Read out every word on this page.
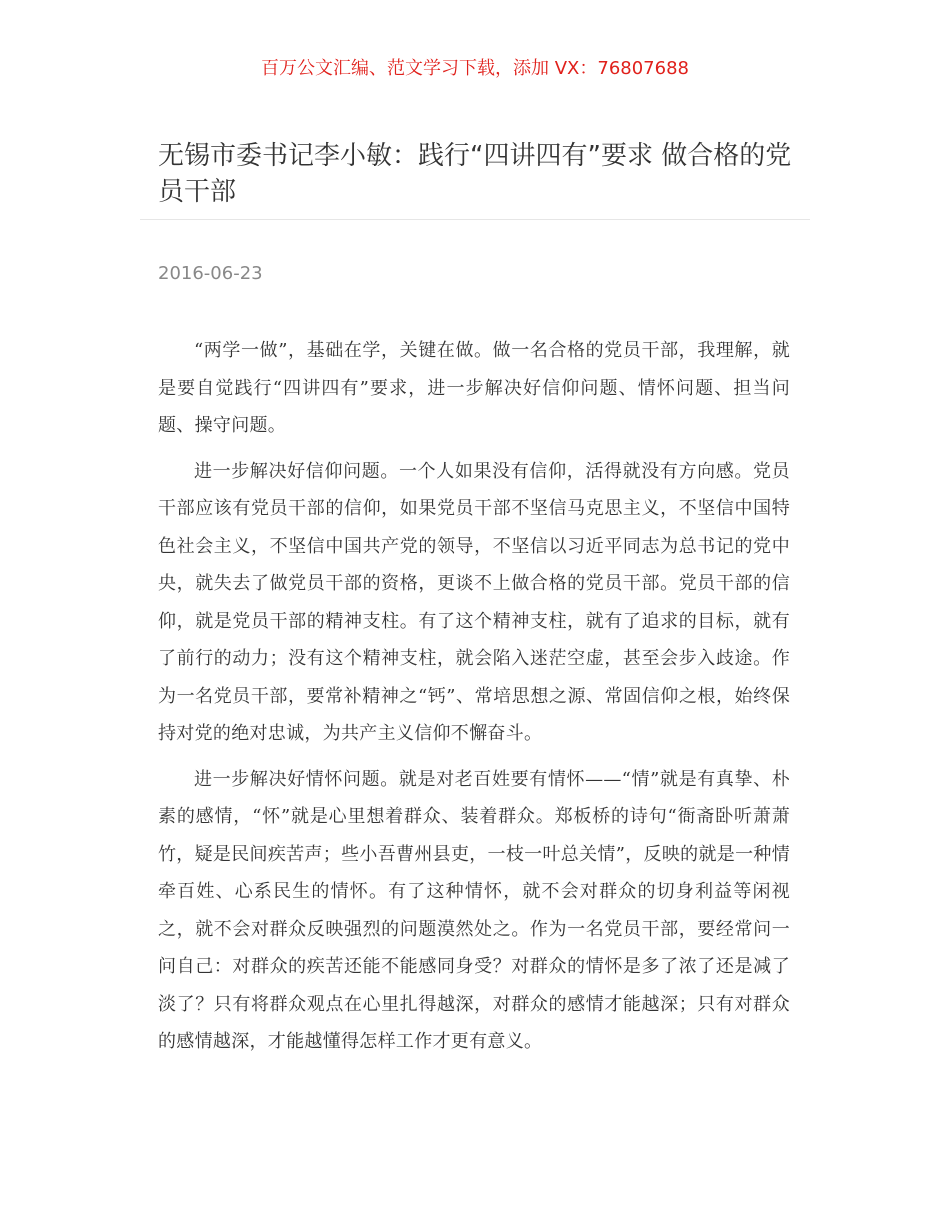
百万公文汇编、范文学习下载，添加 VX：76807688
无锡市委书记李小敏：践行“四讲四有”要求 做合格的党员干部
2016-06-23

“两学一做”，基础在学，关键在做。做一名合格的党员干部，我理解，就是要自觉践行“四讲四有”要求，进一步解决好信仰问题、情怀问题、担当问题、操守问题。

进一步解决好信仰问题。一个人如果没有信仰，活得就没有方向感。党员干部应该有党员干部的信仰，如果党员干部不坚信马克思主义，不坚信中国特色社会主义，不坚信中国共产党的领导，不坚信以习近平同志为总书记的党中央，就失去了做党员干部的资格，更谈不上做合格的党员干部。党员干部的信仰，就是党员干部的精神支柱。有了这个精神支柱，就有了追求的目标，就有了前行的动力；没有这个精神支柱，就会陷入迷茫空虚，甚至会步入歧途。作为一名党员干部，要常补精神之“钙”、常培思想之源、常固信仰之根，始终保持对党的绝对忠诚，为共产主义信仰不懈奋斗。

进一步解决好情怀问题。就是对老百姓要有情怀——“情”就是有真挚、朴素的感情，“怀”就是心里想着群众、装着群众。郑板桥的诗句“衙斋卧听萧萧竹，疑是民间疾苦声；些小吾曹州县吏，一枝一叶总关情”，反映的就是一种情牵百姓、心系民生的情怀。有了这种情怀，就不会对群众的切身利益等闲视之，就不会对群众反映强烈的问题漠然处之。作为一名党员干部，要经常问一问自己：对群众的疾苦还能不能感同身受？对群众的情怀是多了浓了还是减了淡了？只有将群众观点在心里扎得越深，对群众的感情才能越深；只有对群众的感情越深，才能越懂得怎样工作才更有意义。
